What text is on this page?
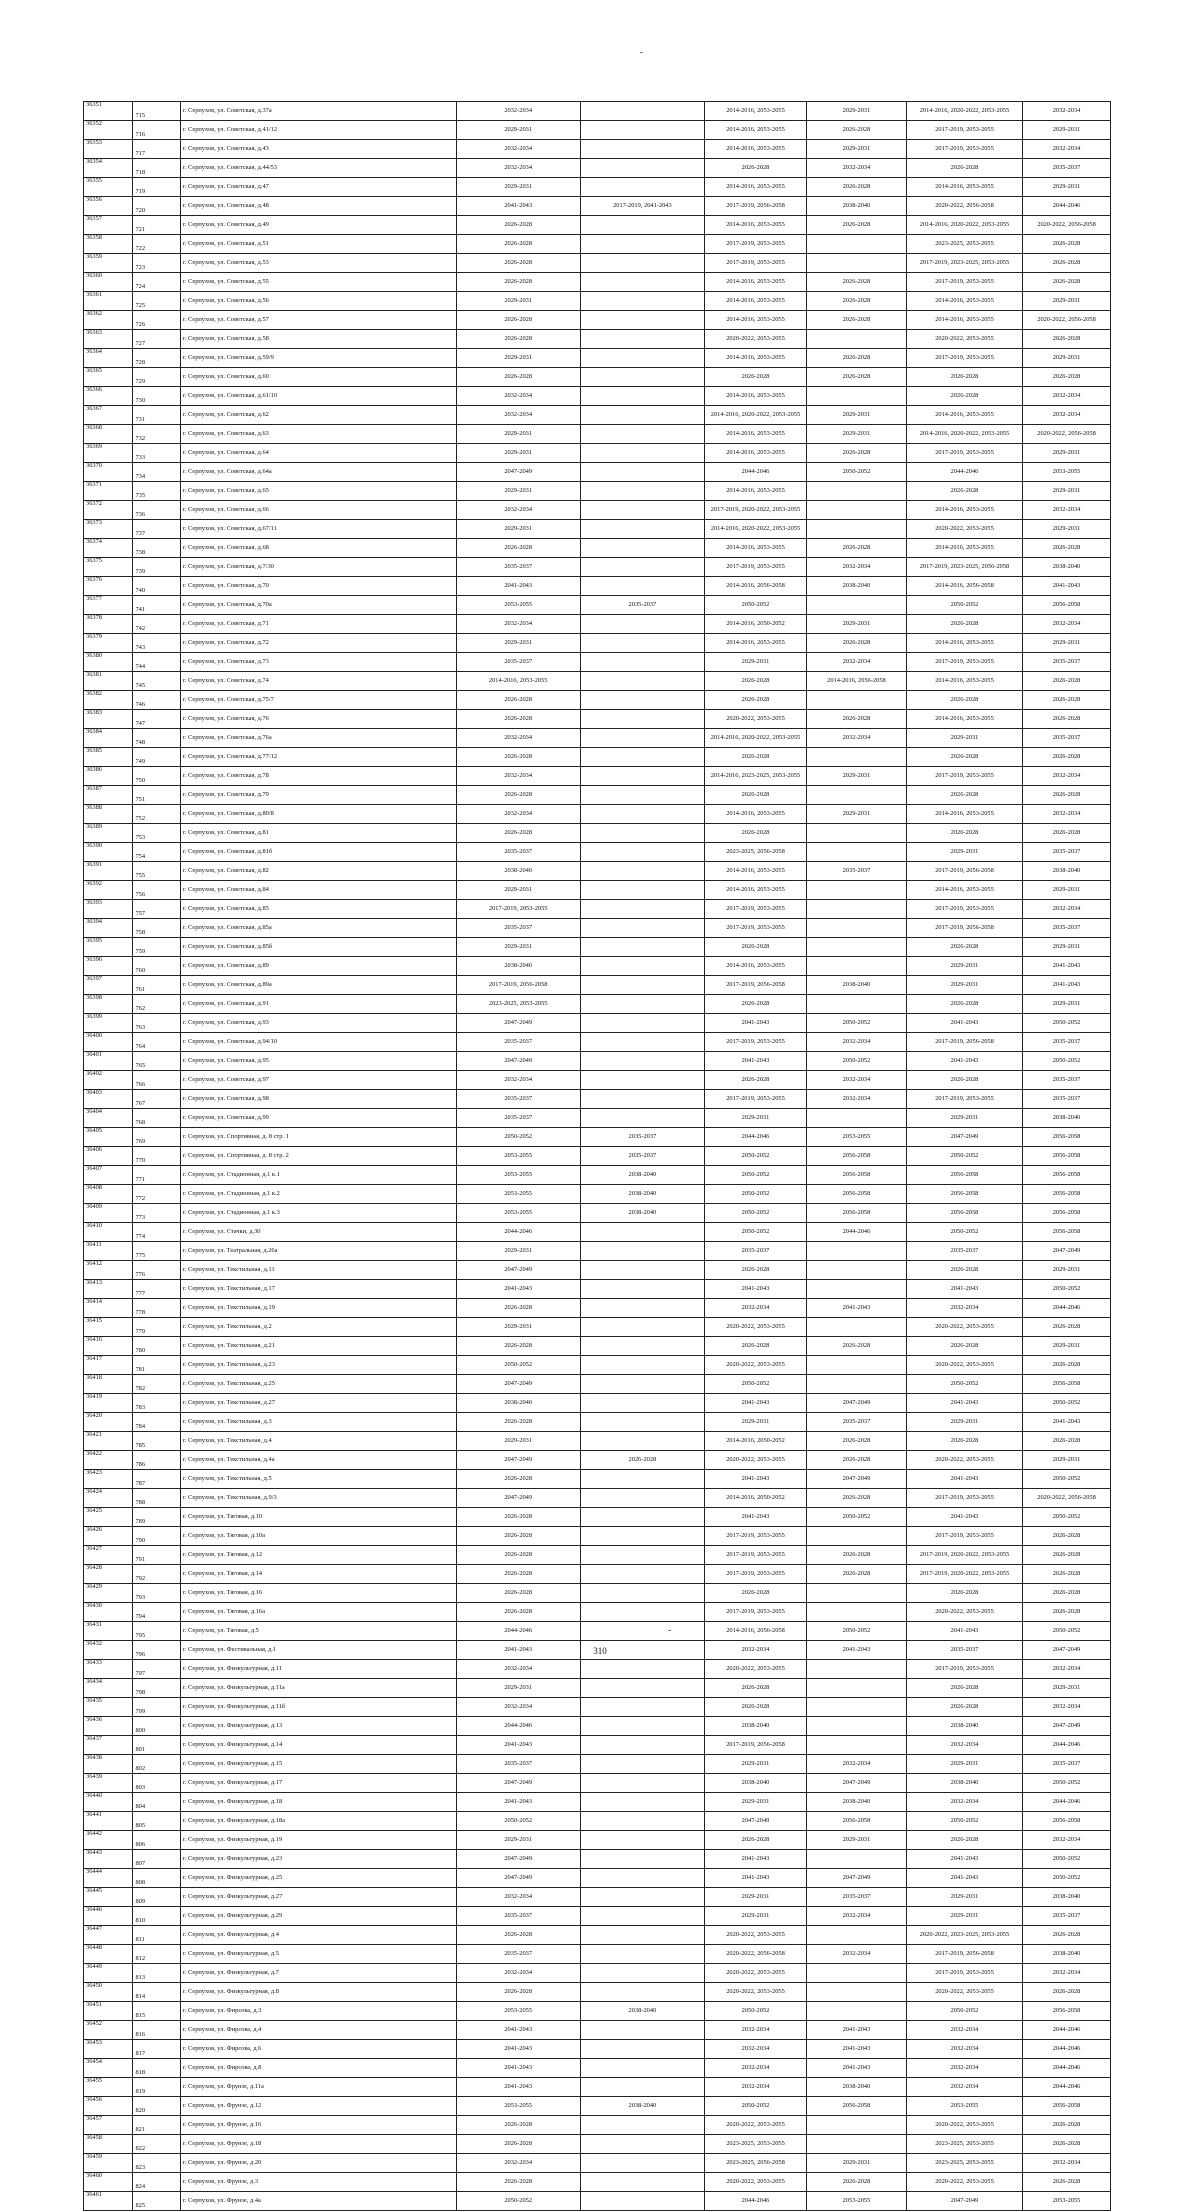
36351	715	г. Серпухов, ул. Советская, д.37а	2032-2034		2014-2016, 2053-2055	2029-2031	2014-2016, 2020-2022, 2053-2055	2032-2034
36352	716	г. Серпухов, ул. Советская, д.41/12	2029-2031		2014-2016, 2053-2055	2026-2028	2017-2019, 2053-2055	2029-2031
36353	717	г. Серпухов, ул. Советская, д.43	2032-2034		2014-2016, 2053-2055	2029-2031	2017-2019, 2053-2055	2032-2034
36354	718	г. Серпухов, ул. Советская, д.44/53	2032-2034		2026-2028	2032-2034	2026-2028	2035-2037
36355	719	г. Серпухов, ул. Советская, д.47	2029-2031		2014-2016, 2053-2055	2026-2028	2014-2016, 2053-2055	2029-2031
36356	720	г. Серпухов, ул. Советская, д.48	2041-2043	2017-2019, 2041-2043	2017-2019, 2056-2058	2038-2040	2020-2022, 2056-2058	2044-2046
36357	721	г. Серпухов, ул. Советская, д.49	2026-2028		2014-2016, 2053-2055	2026-2028	2014-2016, 2020-2022, 2053-2055	2020-2022, 2056-2058
36358	722	г. Серпухов, ул. Советская, д.51	2026-2028		2017-2019, 2053-2055		2023-2025, 2053-2055	2026-2028
36359	723	г. Серпухов, ул. Советская, д.53	2026-2028		2017-2019, 2053-2055		2017-2019, 2023-2025, 2053-2055	2026-2028
36360	724	г. Серпухов, ул. Советская, д.55	2026-2028		2014-2016, 2053-2055	2026-2028	2017-2019, 2053-2055	2026-2028
36361	725	г. Серпухов, ул. Советская, д.56	2029-2031		2014-2016, 2053-2055	2026-2028	2014-2016, 2053-2055	2029-2031
36362	726	г. Серпухов, ул. Советская, д.57	2026-2028		2014-2016, 2053-2055	2026-2028	2014-2016, 2053-2055	2020-2022, 2056-2058
36363	727	г. Серпухов, ул. Советская, д.58	2026-2028		2020-2022, 2053-2055		2020-2022, 2053-2055	2026-2028
36364	728	г. Серпухов, ул. Советская, д.59/9	2029-2031		2014-2016, 2053-2055	2026-2028	2017-2019, 2053-2055	2029-2031
36365	729	г. Серпухов, ул. Советская, д.60	2026-2028		2026-2028	2026-2028	2026-2028	2026-2028
36366	730	г. Серпухов, ул. Советская, д.61/10	2032-2034		2014-2016, 2053-2055		2026-2028	2032-2034
36367	731	г. Серпухов, ул. Советская, д.62	2032-2034		2014-2016, 2020-2022, 2053-2055	2029-2031	2014-2016, 2053-2055	2032-2034
36368	732	г. Серпухов, ул. Советская, д.63	2029-2031		2014-2016, 2053-2055	2029-2031	2014-2016, 2020-2022, 2053-2055	2020-2022, 2056-2058
36369	733	г. Серпухов, ул. Советская, д.64	2029-2031		2014-2016, 2053-2055	2026-2028	2017-2019, 2053-2055	2029-2031
36370	734	г. Серпухов, ул. Советская, д.64а	2047-2049		2044-2046	2050-2052	2044-2046	2053-2055
36371	735	г. Серпухов, ул. Советская, д.65	2029-2031		2014-2016, 2053-2055		2026-2028	2029-2031
36372	736	г. Серпухов, ул. Советская, д.66	2032-2034		2017-2019, 2020-2022, 2053-2055		2014-2016, 2053-2055	2032-2034
36373	737	г. Серпухов, ул. Советская, д.67/11	2029-2031		2014-2016, 2020-2022, 2053-2055		2020-2022, 2053-2055	2029-2031
36374	738	г. Серпухов, ул. Советская, д.68	2026-2028		2014-2016, 2053-2055	2026-2028	2014-2016, 2053-2055	2026-2028
36375	739	г. Серпухов, ул. Советская, д.7/30	2035-2037		2017-2019, 2053-2055	2032-2034	2017-2019, 2023-2025, 2056-2058	2038-2040
36376	740	г. Серпухов, ул. Советская, д.70	2041-2043		2014-2016, 2056-2058	2038-2040	2014-2016, 2056-2058	2041-2043
36377	741	г. Серпухов, ул. Советская, д.70а	2053-2055	2035-2037	2050-2052		2050-2052	2056-2058
36378	742	г. Серпухов, ул. Советская, д.71	2032-2034		2014-2016, 2050-2052	2029-2031	2026-2028	2032-2034
36379	743	г. Серпухов, ул. Советская, д.72	2029-2031		2014-2016, 2053-2055	2026-2028	2014-2016, 2053-2055	2029-2031
36380	744	г. Серпухов, ул. Советская, д.73	2035-2037		2029-2031	2032-2034	2017-2019, 2053-2055	2035-2037
36381	745	г. Серпухов, ул. Советская, д.74	2014-2016, 2053-2055		2026-2028	2014-2016, 2056-2058	2014-2016, 2053-2055	2026-2028
36382	746	г. Серпухов, ул. Советская, д.75/7	2026-2028		2026-2028		2026-2028	2026-2028
36383	747	г. Серпухов, ул. Советская, д.76	2026-2028		2020-2022, 2053-2055	2026-2028	2014-2016, 2053-2055	2026-2028
36384	748	г. Серпухов, ул. Советская, д.76а	2032-2034		2014-2016, 2020-2022, 2053-2055	2032-2034	2029-2031	2035-2037
36385	749	г. Серпухов, ул. Советская, д.77/12	2026-2028		2026-2028		2026-2028	2026-2028
36386	750	г. Серпухов, ул. Советская, д.78	2032-2034		2014-2016, 2023-2025, 2053-2055	2029-2031	2017-2019, 2053-2055	2032-2034
36387	751	г. Серпухов, ул. Советская, д.79	2026-2028		2026-2028		2026-2028	2026-2028
36388	752	г. Серпухов, ул. Советская, д.80/8	2032-2034		2014-2016, 2053-2055	2029-2031	2014-2016, 2053-2055	2032-2034
36389	753	г. Серпухов, ул. Советская, д.81	2026-2028		2026-2028		2026-2028	2026-2028
36390	754	г. Серпухов, ул. Советская, д.81б	2035-2037		2023-2025, 2056-2058		2029-2031	2035-2037
36391	755	г. Серпухов, ул. Советская, д.82	2038-2040		2014-2016, 2053-2055	2035-2037	2017-2019, 2056-2058	2038-2040
36392	756	г. Серпухов, ул. Советская, д.84	2029-2031		2014-2016, 2053-2055		2014-2016, 2053-2055	2029-2031
36393	757	г. Серпухов, ул. Советская, д.85	2017-2019, 2053-2055		2017-2019, 2053-2055		2017-2019, 2053-2055	2032-2034
36394	758	г. Серпухов, ул. Советская, д.85а	2035-2037		2017-2019, 2053-2055		2017-2019, 2056-2058	2035-2037
36395	759	г. Серпухов, ул. Советская, д.85б	2029-2031		2026-2028		2026-2028	2029-2031
36396	760	г. Серпухов, ул. Советская, д.89	2038-2040		2014-2016, 2053-2055		2029-2031	2041-2043
36397	761	г. Серпухов, ул. Советская, д.89а	2017-2019, 2056-2058		2017-2019, 2056-2058	2038-2040	2029-2031	2041-2043
36398	762	г. Серпухов, ул. Советская, д.91	2023-2025, 2053-2055		2026-2028		2026-2028	2029-2031
36399	763	г. Серпухов, ул. Советская, д.93	2047-2049		2041-2043	2050-2052	2041-2043	2050-2052
36400	764	г. Серпухов, ул. Советская, д.94/10	2035-2037		2017-2019, 2053-2055	2032-2034	2017-2019, 2056-2058	2035-2037
36401	765	г. Серпухов, ул. Советская, д.95	2047-2049		2041-2043	2050-2052	2041-2043	2050-2052
36402	766	г. Серпухов, ул. Советская, д.97	2032-2034		2026-2028	2032-2034	2026-2028	2035-2037
36403	767	г. Серпухов, ул. Советская, д.98	2035-2037		2017-2019, 2053-2055	2032-2034	2017-2019, 2053-2055	2035-2037
36404	768	г. Серпухов, ул. Советская, д.99	2035-2037		2029-2031		2029-2031	2038-2040
36405	769	г. Серпухов, ул. Спортивная, д. 8 стр. 1	2050-2052	2035-2037	2044-2046	2053-2055	2047-2049	2056-2058
36406	770	г. Серпухов, ул. Спортивная, д. 8 стр. 2	2053-2055	2035-2037	2050-2052	2056-2058	2050-2052	2056-2058
36407	771	г. Серпухов, ул. Стадионная, д.1 к.1	2053-2055	2038-2040	2050-2052	2056-2058	2056-2058	2056-2058
36408	772	г. Серпухов, ул. Стадионная, д.1 к.2	2053-2055	2038-2040	2050-2052	2056-2058	2056-2058	2056-2058
36409	773	г. Серпухов, ул. Стадионная, д.1 к.3	2053-2055	2038-2040	2050-2052	2056-2058	2056-2058	2056-2058
36410	774	г. Серпухов, ул. Стачки, д.30	2044-2046		2050-2052	2044-2046	2050-2052	2056-2058
36411	775	г. Серпухов, ул. Театральная, д.26а	2029-2031		2035-2037		2035-2037	2047-2049
36412	776	г. Серпухов, ул. Текстильная, д.11	2047-2049		2026-2028		2026-2028	2029-2031
36413	777	г. Серпухов, ул. Текстильная, д.17	2041-2043		2041-2043		2041-2043	2050-2052
36414	778	г. Серпухов, ул. Текстильная, д.19	2026-2028		2032-2034	2041-2043	2032-2034	2044-2046
36415	779	г. Серпухов, ул. Текстильная, д.2	2029-2031		2020-2022, 2053-2055		2020-2022, 2053-2055	2026-2028
36416	780	г. Серпухов, ул. Текстильная, д.21	2026-2028		2026-2028	2026-2028	2026-2028	2029-2031
36417	781	г. Серпухов, ул. Текстильная, д.23	2050-2052		2020-2022, 2053-2055		2020-2022, 2053-2055	2026-2028
36418	782	г. Серпухов, ул. Текстильная, д.25	2047-2049		2050-2052		2050-2052	2056-2058
36419	783	г. Серпухов, ул. Текстильная, д.27	2038-2040		2041-2043	2047-2049	2041-2043	2050-2052
36420	784	г. Серпухов, ул. Текстильная, д.3	2026-2028		2029-2031	2035-2037	2029-2031	2041-2043
36421	785	г. Серпухов, ул. Текстильная, д.4	2029-2031		2014-2016, 2050-2052	2026-2028	2026-2028	2026-2028
36422	786	г. Серпухов, ул. Текстильная, д.4а	2047-2049	2026-2028	2020-2022, 2053-2055	2026-2028	2020-2022, 2053-2055	2029-2031
36423	787	г. Серпухов, ул. Текстильная, д.5	2026-2028		2041-2043	2047-2049	2041-2043	2050-2052
36424	788	г. Серпухов, ул. Текстильная, д.9/3	2047-2049		2014-2016, 2050-2052	2026-2028	2017-2019, 2053-2055	2020-2022, 2056-2058
36425	789	г. Серпухов, ул. Тяговая, д.10	2026-2028		2041-2043	2050-2052	2041-2043	2050-2052
36426	790	г. Серпухов, ул. Тяговая, д.10а	2026-2028		2017-2019, 2053-2055		2017-2019, 2053-2055	2026-2028
36427	791	г. Серпухов, ул. Тяговая, д.12	2026-2028		2017-2019, 2053-2055	2026-2028	2017-2019, 2020-2022, 2053-2055	2026-2028
36428	792	г. Серпухов, ул. Тяговая, д.14	2026-2028		2017-2019, 2053-2055	2026-2028	2017-2019, 2020-2022, 2053-2055	2026-2028
36429	793	г. Серпухов, ул. Тяговая, д.16	2026-2028		2026-2028		2026-2028	2026-2028
36430	794	г. Серпухов, ул. Тяговая, д.16а	2026-2028		2017-2019, 2053-2055		2020-2022, 2053-2055	2026-2028
36431	795	г. Серпухов, ул. Тяговая, д.5	2044-2046		2014-2016, 2056-2058	2050-2052	2041-2043	2050-2052
36432	796	г. Серпухов, ул. Фестивальная, д.1	2041-2043		2032-2034	2041-2043	2035-2037	2047-2049
36433	797	г. Серпухов, ул. Физкультурная, д.11	2032-2034		2020-2022, 2053-2055		2017-2019, 2053-2055	2032-2034
36434	798	г. Серпухов, ул. Физкультурная, д.11а	2029-2031		2026-2028		2026-2028	2029-2031
36435	799	г. Серпухов, ул. Физкультурная, д.11б	2032-2034		2026-2028		2026-2028	2032-2034
36436	800	г. Серпухов, ул. Физкультурная, д.13	2044-2046		2038-2040		2038-2040	2047-2049
36437	801	г. Серпухов, ул. Физкультурная, д.14	2041-2043		2017-2019, 2056-2058		2032-2034	2044-2046
36438	802	г. Серпухов, ул. Физкультурная, д.15	2035-2037		2029-2031	2032-2034	2029-2031	2035-2037
36439	803	г. Серпухов, ул. Физкультурная, д.17	2047-2049		2038-2040	2047-2049	2038-2040	2050-2052
36440	804	г. Серпухов, ул. Физкультурная, д.18	2041-2043		2029-2031	2038-2040	2032-2034	2044-2046
36441	805	г. Серпухов, ул. Физкультурная, д.18а	2050-2052		2047-2049	2056-2058	2050-2052	2056-2058
36442	806	г. Серпухов, ул. Физкультурная, д.19	2029-2031		2026-2028	2029-2031	2026-2028	2032-2034
36443	807	г. Серпухов, ул. Физкультурная, д.23	2047-2049		2041-2043		2041-2043	2050-2052
36444	808	г. Серпухов, ул. Физкультурная, д.25	2047-2049		2041-2043	2047-2049	2041-2043	2050-2052
36445	809	г. Серпухов, ул. Физкультурная, д.27	2032-2034		2029-2031	2035-2037	2029-2031	2038-2040
36446	810	г. Серпухов, ул. Физкультурная, д.29	2035-2037		2029-2031	2032-2034	2029-2031	2035-2037
36447	811	г. Серпухов, ул. Физкультурная, д.4	2026-2028		2020-2022, 2053-2055		2020-2022, 2023-2025, 2053-2055	2026-2028
36448	812	г. Серпухов, ул. Физкультурная, д.5	2035-2037		2020-2022, 2056-2058	2032-2034	2017-2019, 2056-2058	2038-2040
36449	813	г. Серпухов, ул. Физкультурная, д.7	2032-2034		2020-2022, 2053-2055		2017-2019, 2053-2055	2032-2034
36450	814	г. Серпухов, ул. Физкультурная, д.8	2026-2028		2020-2022, 2053-2055		2020-2022, 2053-2055	2026-2028
36451	815	г. Серпухов, ул. Фирсова, д.3	2053-2055	2038-2040	2050-2052		2050-2052	2056-2058
36452	816	г. Серпухов, ул. Фирсова, д.4	2041-2043		2032-2034	2041-2043	2032-2034	2044-2046
36453	817	г. Серпухов, ул. Фирсова, д.6	2041-2043		2032-2034	2041-2043	2032-2034	2044-2046
36454	818	г. Серпухов, ул. Фирсова, д.8	2041-2043		2032-2034	2041-2043	2032-2034	2044-2046
36455	819	г. Серпухов, ул. Фрунзе, д.11а	2041-2043		2032-2034	2038-2040	2032-2034	2044-2046
36456	820	г. Серпухов, ул. Фрунзе, д.12	2053-2055	2038-2040	2050-2052	2056-2058	2053-2055	2056-2058
36457	821	г. Серпухов, ул. Фрунзе, д.16	2026-2028		2020-2022, 2053-2055		2020-2022, 2053-2055	2026-2028
36458	822	г. Серпухов, ул. Фрунзе, д.18	2026-2028		2023-2025, 2053-2055		2023-2025, 2053-2055	2026-2028
36459	823	г. Серпухов, ул. Фрунзе, д.20	2032-2034		2023-2025, 2056-2058	2029-2031	2023-2025, 2053-2055	2032-2034
36460	824	г. Серпухов, ул. Фрунзе, д.3	2026-2028		2020-2022, 2053-2055	2026-2028	2020-2022, 2053-2055	2026-2028
36461	825	г. Серпухов, ул. Фрунзе, д.4а	2050-2052		2044-2046	2053-2055	2047-2049	2053-2055
310
